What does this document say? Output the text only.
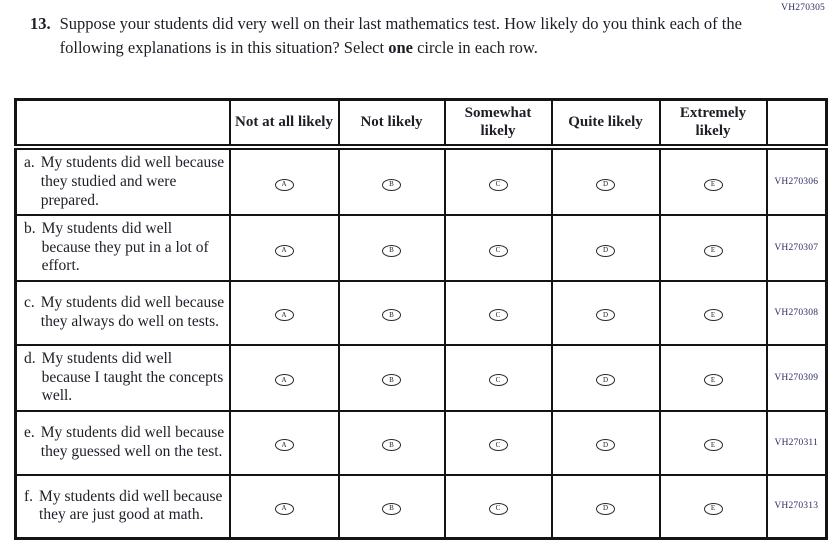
VH270305
13. Suppose your students did very well on their last mathematics test. How likely do you think each of the following explanations is in this situation? Select one circle in each row.
	Not at all likely	Not likely	Somewhat likely	Quite likely	Extremely likely	

a. My students did well because they studied and were prepared.	A	B	C	D	E	VH270306

b. My students did well because they put in a lot of effort.	A	B	C	D	E	VH270307

c. My students did well because they always do well on tests.	A	B	C	D	E	VH270308

d. My students did well because I taught the concepts well.	A	B	C	D	E	VH270309

e. My students did well because they guessed well on the test.	A	B	C	D	E	VH270311

f. My students did well because they are just good at math.	A	B	C	D	E	VH270313
